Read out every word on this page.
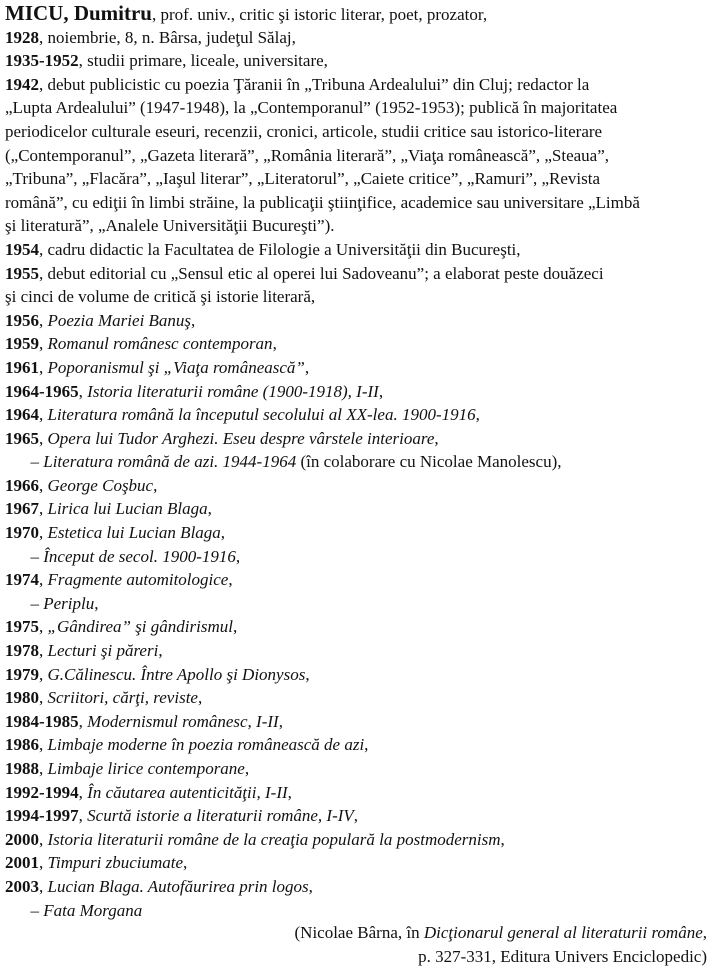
MICU, Dumitru, prof. univ., critic şi istoric literar, poet, prozator,
1928, noiembrie, 8, n. Bârsa, judeţul Sălaj,
1935-1952, studii primare, liceale, universitare,
1942, debut publicistic cu poezia Ţăranii în „Tribuna Ardealului” din Cluj; redactor la
„Lupta Ardealului” (1947-1948), la „Contemporanul” (1952-1953); publică în majoritatea
periodicelor culturale eseuri, recenzii, cronici, articole, studii critice sau istorico-literare
(„Contemporanul”, „Gazeta literară”, „România literară”, „Viaţa românească”, „Steaua”,
„Tribuna”, „Flacăra”, „Iaşul literar”, „Literatorul”, „Caiete critice”, „Ramuri”, „Revista
română”, cu ediţii în limbi străine, la publicaţii ştiinţifice, academice sau universitare „Limbă
şi literatură”, „Analele Universităţii Bucureşti”).
1954, cadru didactic la Facultatea de Filologie a Universităţii din Bucureşti,
1955, debut editorial cu „Sensul etic al operei lui Sadoveanu”; a elaborat peste douăzeci
şi cinci de volume de critică şi istorie literară,
1956, Poezia Mariei Banuş,
1959, Romanul românesc contemporan,
1961, Poporanismul şi „Viaţa românească”,
1964-1965, Istoria literaturii române (1900-1918), I-II,
1964, Literatura română la începutul secolului al XX-lea. 1900-1916,
1965, Opera lui Tudor Arghezi. Eseu despre vârstele interioare,
– Literatura română de azi. 1944-1964 (în colaborare cu Nicolae Manolescu),
1966, George Coşbuc,
1967, Lirica lui Lucian Blaga,
1970, Estetica lui Lucian Blaga,
– Început de secol. 1900-1916,
1974, Fragmente automitologice,
– Periplu,
1975, „Gândirea” şi gândirismul,
1978, Lecturi şi păreri,
1979, G.Călinescu. Între Apollo şi Dionysos,
1980, Scriitori, cărţi, reviste,
1984-1985, Modernismul românesc, I-II,
1986, Limbaje moderne în poezia românească de azi,
1988, Limbaje lirice contemporane,
1992-1994, În căutarea autenticităţii, I-II,
1994-1997, Scurtă istorie a literaturii române, I-IV,
2000, Istoria literaturii române de la creaţia populară la postmodernism,
2001, Timpuri zbuciumate,
2003, Lucian Blaga. Autofăurirea prin logos,
– Fata Morgana
(Nicolae Bârna, în Dicţionarul general al literaturii române,
p. 327-331, Editura Univers Enciclopedic)
